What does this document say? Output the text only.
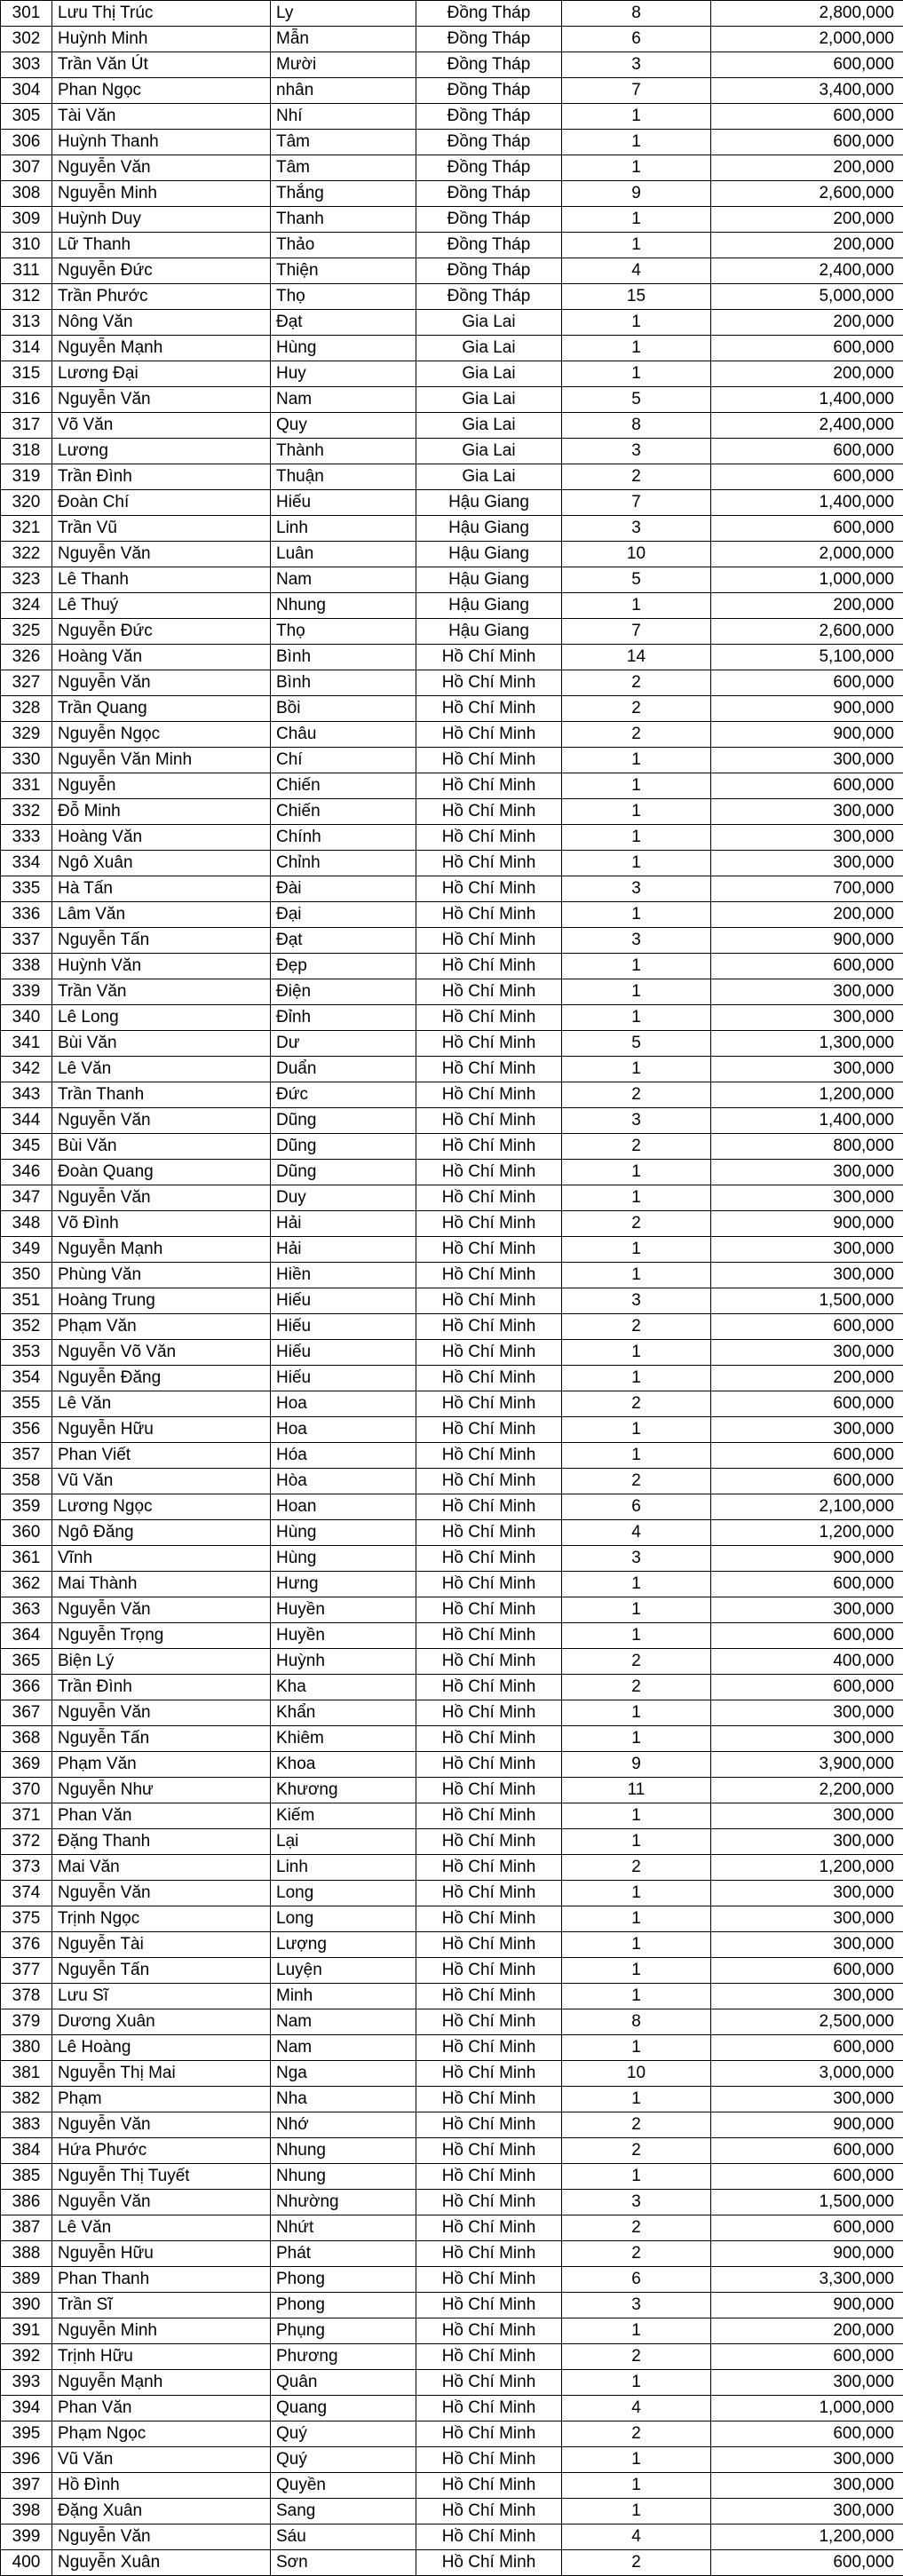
301	Lưu Thị Trúc	Ly	Đồng Tháp	8	2,800,000
302	Huỳnh Minh	Mẫn	Đồng Tháp	6	2,000,000
303	Trần Văn Út	Mười	Đồng Tháp	3	600,000
304	Phan Ngọc	nhân	Đồng Tháp	7	3,400,000
305	Tài Văn	Nhí	Đồng Tháp	1	600,000
306	Huỳnh Thanh	Tâm	Đồng Tháp	1	600,000
307	Nguyễn Văn	Tâm	Đồng Tháp	1	200,000
308	Nguyễn Minh	Thắng	Đồng Tháp	9	2,600,000
309	Huỳnh Duy	Thanh	Đồng Tháp	1	200,000
310	Lữ Thanh	Thảo	Đồng Tháp	1	200,000
311	Nguyễn Đức	Thiện	Đồng Tháp	4	2,400,000
312	Trần Phước	Thọ	Đồng Tháp	15	5,000,000
313	Nông Văn	Đạt	Gia Lai	1	200,000
314	Nguyễn Mạnh	Hùng	Gia Lai	1	600,000
315	Lương Đại	Huy	Gia Lai	1	200,000
316	Nguyễn Văn	Nam	Gia Lai	5	1,400,000
317	Võ Văn	Quy	Gia Lai	8	2,400,000
318	Lương	Thành	Gia Lai	3	600,000
319	Trần Đình	Thuận	Gia Lai	2	600,000
320	Đoàn Chí	Hiếu	Hậu Giang	7	1,400,000
321	Trần Vũ	Linh	Hậu Giang	3	600,000
322	Nguyễn Văn	Luân	Hậu Giang	10	2,000,000
323	Lê Thanh	Nam	Hậu Giang	5	1,000,000
324	Lê Thuý	Nhung	Hậu Giang	1	200,000
325	Nguyễn Đức	Thọ	Hậu Giang	7	2,600,000
326	Hoàng Văn	Bình	Hồ Chí Minh	14	5,100,000
327	Nguyễn Văn	Bình	Hồ Chí Minh	2	600,000
328	Trần Quang	Bồi	Hồ Chí Minh	2	900,000
329	Nguyễn Ngọc	Châu	Hồ Chí Minh	2	900,000
330	Nguyễn Văn Minh	Chí	Hồ Chí Minh	1	300,000
331	Nguyễn	Chiến	Hồ Chí Minh	1	600,000
332	Đỗ Minh	Chiến	Hồ Chí Minh	1	300,000
333	Hoàng Văn	Chính	Hồ Chí Minh	1	300,000
334	Ngô Xuân	Chỉnh	Hồ Chí Minh	1	300,000
335	Hà Tấn	Đài	Hồ Chí Minh	3	700,000
336	Lâm Văn	Đại	Hồ Chí Minh	1	200,000
337	Nguyễn Tấn	Đạt	Hồ Chí Minh	3	900,000
338	Huỳnh Văn	Đẹp	Hồ Chí Minh	1	600,000
339	Trần Văn	Điện	Hồ Chí Minh	1	300,000
340	Lê Long	Đỉnh	Hồ Chí Minh	1	300,000
341	Bùi Văn	Dư	Hồ Chí Minh	5	1,300,000
342	Lê Văn	Duẩn	Hồ Chí Minh	1	300,000
343	Trần Thanh	Đức	Hồ Chí Minh	2	1,200,000
344	Nguyễn Văn	Dũng	Hồ Chí Minh	3	1,400,000
345	Bùi Văn	Dũng	Hồ Chí Minh	2	800,000
346	Đoàn Quang	Dũng	Hồ Chí Minh	1	300,000
347	Nguyễn Văn	Duy	Hồ Chí Minh	1	300,000
348	Võ Đình	Hải	Hồ Chí Minh	2	900,000
349	Nguyễn Mạnh	Hải	Hồ Chí Minh	1	300,000
350	Phùng Văn	Hiền	Hồ Chí Minh	1	300,000
351	Hoàng Trung	Hiếu	Hồ Chí Minh	3	1,500,000
352	Phạm Văn	Hiếu	Hồ Chí Minh	2	600,000
353	Nguyễn Võ Văn	Hiếu	Hồ Chí Minh	1	300,000
354	Nguyễn Đăng	Hiếu	Hồ Chí Minh	1	200,000
355	Lê Văn	Hoa	Hồ Chí Minh	2	600,000
356	Nguyễn Hữu	Hoa	Hồ Chí Minh	1	300,000
357	Phan Viết	Hóa	Hồ Chí Minh	1	600,000
358	Vũ Văn	Hòa	Hồ Chí Minh	2	600,000
359	Lương Ngọc	Hoan	Hồ Chí Minh	6	2,100,000
360	Ngô Đăng	Hùng	Hồ Chí Minh	4	1,200,000
361	Vĩnh	Hùng	Hồ Chí Minh	3	900,000
362	Mai Thành	Hưng	Hồ Chí Minh	1	600,000
363	Nguyễn Văn	Huyền	Hồ Chí Minh	1	300,000
364	Nguyễn Trọng	Huyền	Hồ Chí Minh	1	600,000
365	Biện Lý	Huỳnh	Hồ Chí Minh	2	400,000
366	Trần Đình	Kha	Hồ Chí Minh	2	600,000
367	Nguyễn Văn	Khẩn	Hồ Chí Minh	1	300,000
368	Nguyễn Tấn	Khiêm	Hồ Chí Minh	1	300,000
369	Phạm Văn	Khoa	Hồ Chí Minh	9	3,900,000
370	Nguyễn Như	Khương	Hồ Chí Minh	11	2,200,000
371	Phan Văn	Kiếm	Hồ Chí Minh	1	300,000
372	Đặng Thanh	Lại	Hồ Chí Minh	1	300,000
373	Mai Văn	Linh	Hồ Chí Minh	2	1,200,000
374	Nguyễn Văn	Long	Hồ Chí Minh	1	300,000
375	Trịnh Ngọc	Long	Hồ Chí Minh	1	300,000
376	Nguyễn Tài	Lượng	Hồ Chí Minh	1	300,000
377	Nguyễn Tấn	Luyện	Hồ Chí Minh	1	600,000
378	Lưu Sĩ	Minh	Hồ Chí Minh	1	300,000
379	Dương Xuân	Nam	Hồ Chí Minh	8	2,500,000
380	Lê Hoàng	Nam	Hồ Chí Minh	1	600,000
381	Nguyễn Thị Mai	Nga	Hồ Chí Minh	10	3,000,000
382	Phạm	Nha	Hồ Chí Minh	1	300,000
383	Nguyễn Văn	Nhớ	Hồ Chí Minh	2	900,000
384	Hứa Phước	Nhung	Hồ Chí Minh	2	600,000
385	Nguyễn Thị Tuyết	Nhung	Hồ Chí Minh	1	600,000
386	Nguyễn Văn	Nhường	Hồ Chí Minh	3	1,500,000
387	Lê Văn	Nhứt	Hồ Chí Minh	2	600,000
388	Nguyễn Hữu	Phát	Hồ Chí Minh	2	900,000
389	Phan Thanh	Phong	Hồ Chí Minh	6	3,300,000
390	Trần Sĩ	Phong	Hồ Chí Minh	3	900,000
391	Nguyễn Minh	Phụng	Hồ Chí Minh	1	200,000
392	Trịnh Hữu	Phương	Hồ Chí Minh	2	600,000
393	Nguyễn Mạnh	Quân	Hồ Chí Minh	1	300,000
394	Phan Văn	Quang	Hồ Chí Minh	4	1,000,000
395	Phạm Ngọc	Quý	Hồ Chí Minh	2	600,000
396	Vũ Văn	Quý	Hồ Chí Minh	1	300,000
397	Hồ Đình	Quyền	Hồ Chí Minh	1	300,000
398	Đặng Xuân	Sang	Hồ Chí Minh	1	300,000
399	Nguyễn Văn	Sáu	Hồ Chí Minh	4	1,200,000
400	Nguyễn Xuân	Sơn	Hồ Chí Minh	2	600,000
